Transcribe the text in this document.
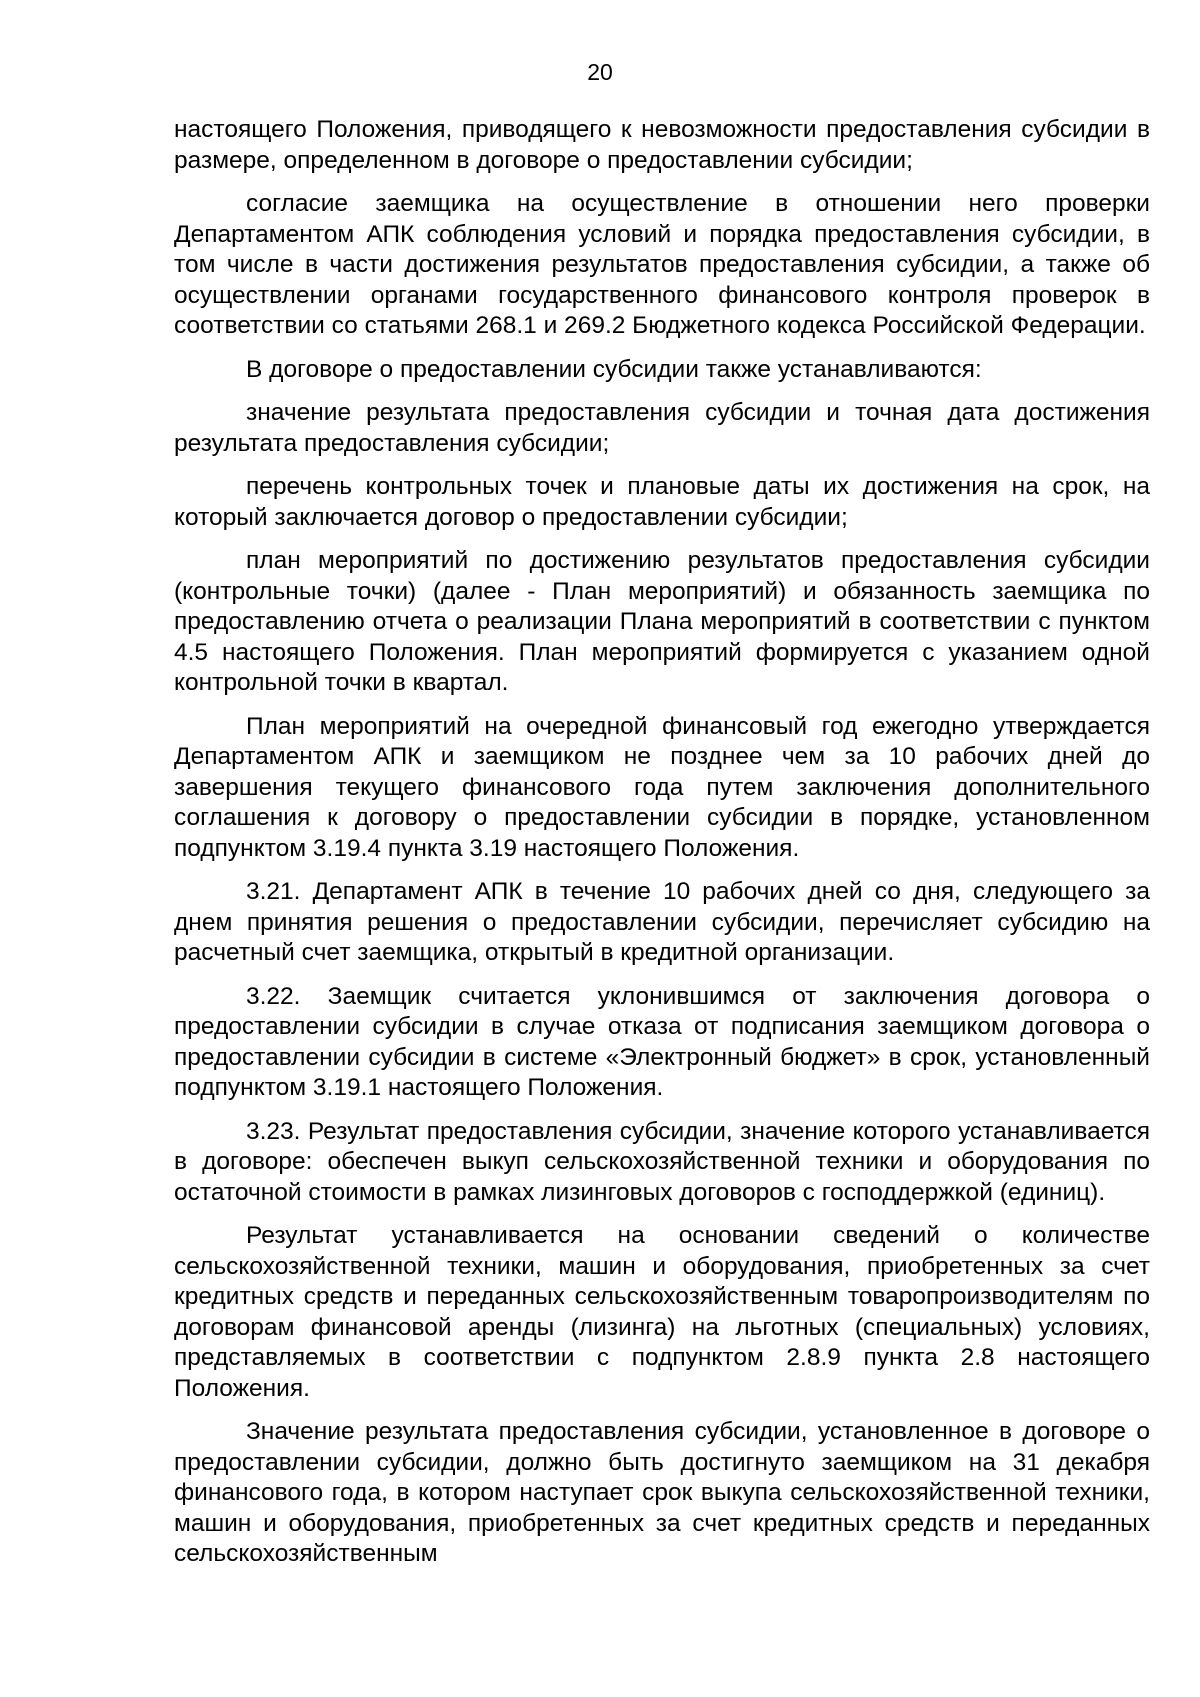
20

настоящего Положения, приводящего к невозможности предоставления субсидии в размере, определенном в договоре о предоставлении субсидии;

согласие заемщика на осуществление в отношении него проверки Департаментом АПК соблюдения условий и порядка предоставления субсидии, в том числе в части достижения результатов предоставления субсидии, а также об осуществлении органами государственного финансового контроля проверок в соответствии со статьями 268.1 и 269.2 Бюджетного кодекса Российской Федерации.

В договоре о предоставлении субсидии также устанавливаются:

значение результата предоставления субсидии и точная дата достижения результата предоставления субсидии;

перечень контрольных точек и плановые даты их достижения на срок, на который заключается договор о предоставлении субсидии;

план мероприятий по достижению результатов предоставления субсидии (контрольные точки) (далее - План мероприятий) и обязанность заемщика по предоставлению отчета о реализации Плана мероприятий в соответствии с пунктом 4.5 настоящего Положения. План мероприятий формируется с указанием одной контрольной точки в квартал.

План мероприятий на очередной финансовый год ежегодно утверждается Департаментом АПК и заемщиком не позднее чем за 10 рабочих дней до завершения текущего финансового года путем заключения дополнительного соглашения к договору о предоставлении субсидии в порядке, установленном подпунктом 3.19.4 пункта 3.19 настоящего Положения.

3.21. Департамент АПК в течение 10 рабочих дней со дня, следующего за днем принятия решения о предоставлении субсидии, перечисляет субсидию на расчетный счет заемщика, открытый в кредитной организации.

3.22. Заемщик считается уклонившимся от заключения договора о предоставлении субсидии в случае отказа от подписания заемщиком договора о предоставлении субсидии в системе «Электронный бюджет» в срок, установленный подпунктом 3.19.1 настоящего Положения.

3.23. Результат предоставления субсидии, значение которого устанавливается в договоре: обеспечен выкуп сельскохозяйственной техники и оборудования по остаточной стоимости в рамках лизинговых договоров с господдержкой (единиц).

Результат устанавливается на основании сведений о количестве сельскохозяйственной техники, машин и оборудования, приобретенных за счет кредитных средств и переданных сельскохозяйственным товаропроизводителям по договорам финансовой аренды (лизинга) на льготных (специальных) условиях, представляемых в соответствии с подпунктом 2.8.9 пункта 2.8 настоящего Положения.

Значение результата предоставления субсидии, установленное в договоре о предоставлении субсидии, должно быть достигнуто заемщиком на 31 декабря финансового года, в котором наступает срок выкупа сельскохозяйственной техники, машин и оборудования, приобретенных за счет кредитных средств и переданных сельскохозяйственным
